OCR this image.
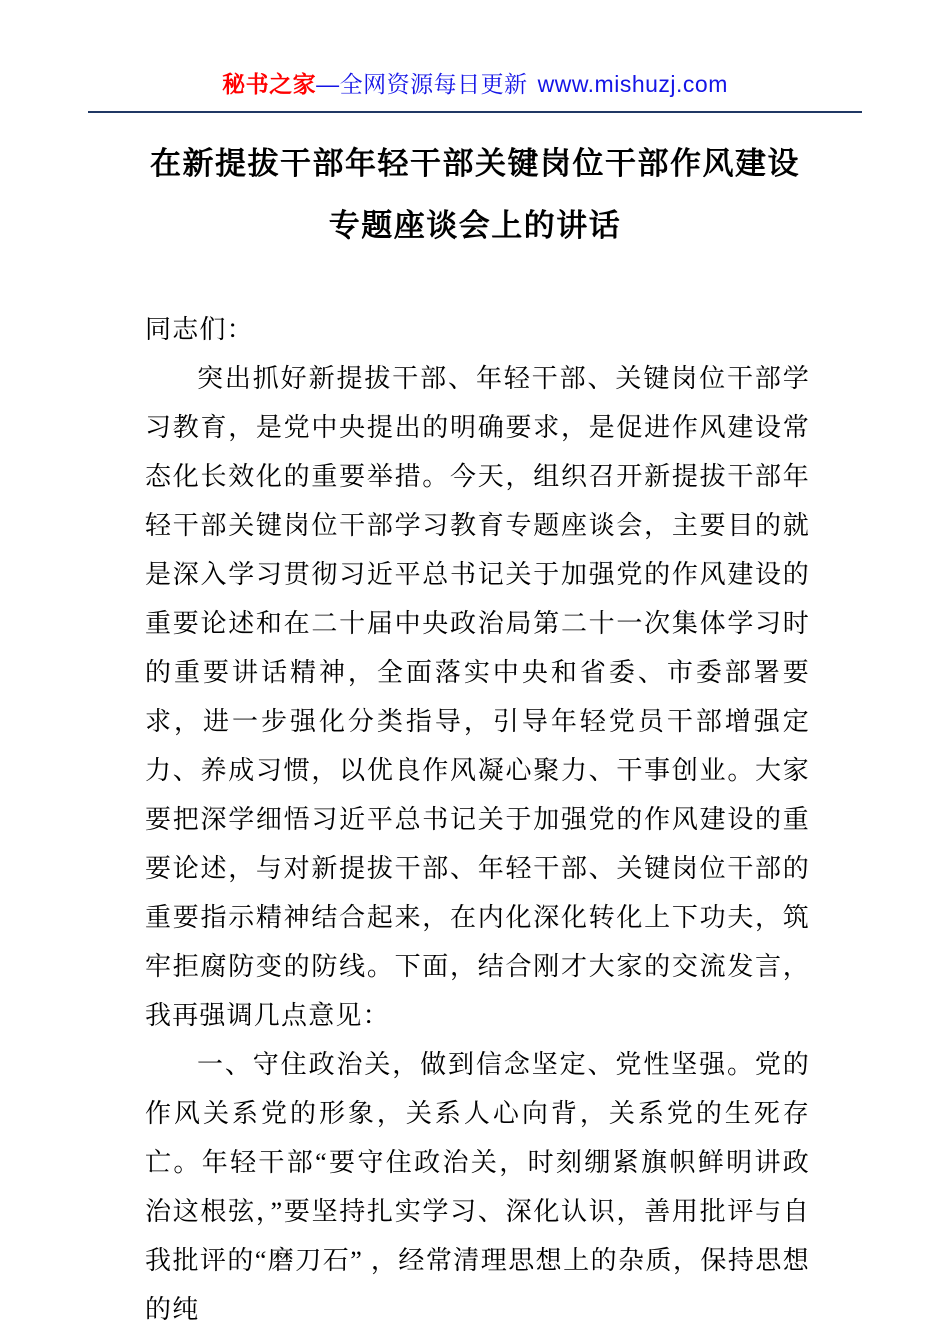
秘书之家—全网资源每日更新 www.mishuzj.com
在新提拔干部年轻干部关键岗位干部作风建设
专题座谈会上的讲话

同志们：

突出抓好新提拔干部、年轻干部、关键岗位干部学习教育，是党中央提出的明确要求，是促进作风建设常态化长效化的重要举措。今天，组织召开新提拔干部年轻干部关键岗位干部学习教育专题座谈会，主要目的就是深入学习贯彻习近平总书记关于加强党的作风建设的重要论述和在二十届中央政治局第二十一次集体学习时的重要讲话精神，全面落实中央和省委、市委部署要求，进一步强化分类指导，引导年轻党员干部增强定力、养成习惯，以优良作风凝心聚力、干事创业。大家要把深学细悟习近平总书记关于加强党的作风建设的重要论述，与对新提拔干部、年轻干部、关键岗位干部的重要指示精神结合起来，在内化深化转化上下功夫，筑牢拒腐防变的防线。下面，结合刚才大家的交流发言，我再强调几点意见：

一、守住政治关，做到信念坚定、党性坚强。党的作风关系党的形象，关系人心向背，关系党的生死存亡。年轻干部“要守住政治关，时刻绷紧旗帜鲜明讲政治这根弦，”要坚持扎实学习、深化认识，善用批评与自我批评的“磨刀石” ，经常清理思想上的杂质，保持思想的纯
